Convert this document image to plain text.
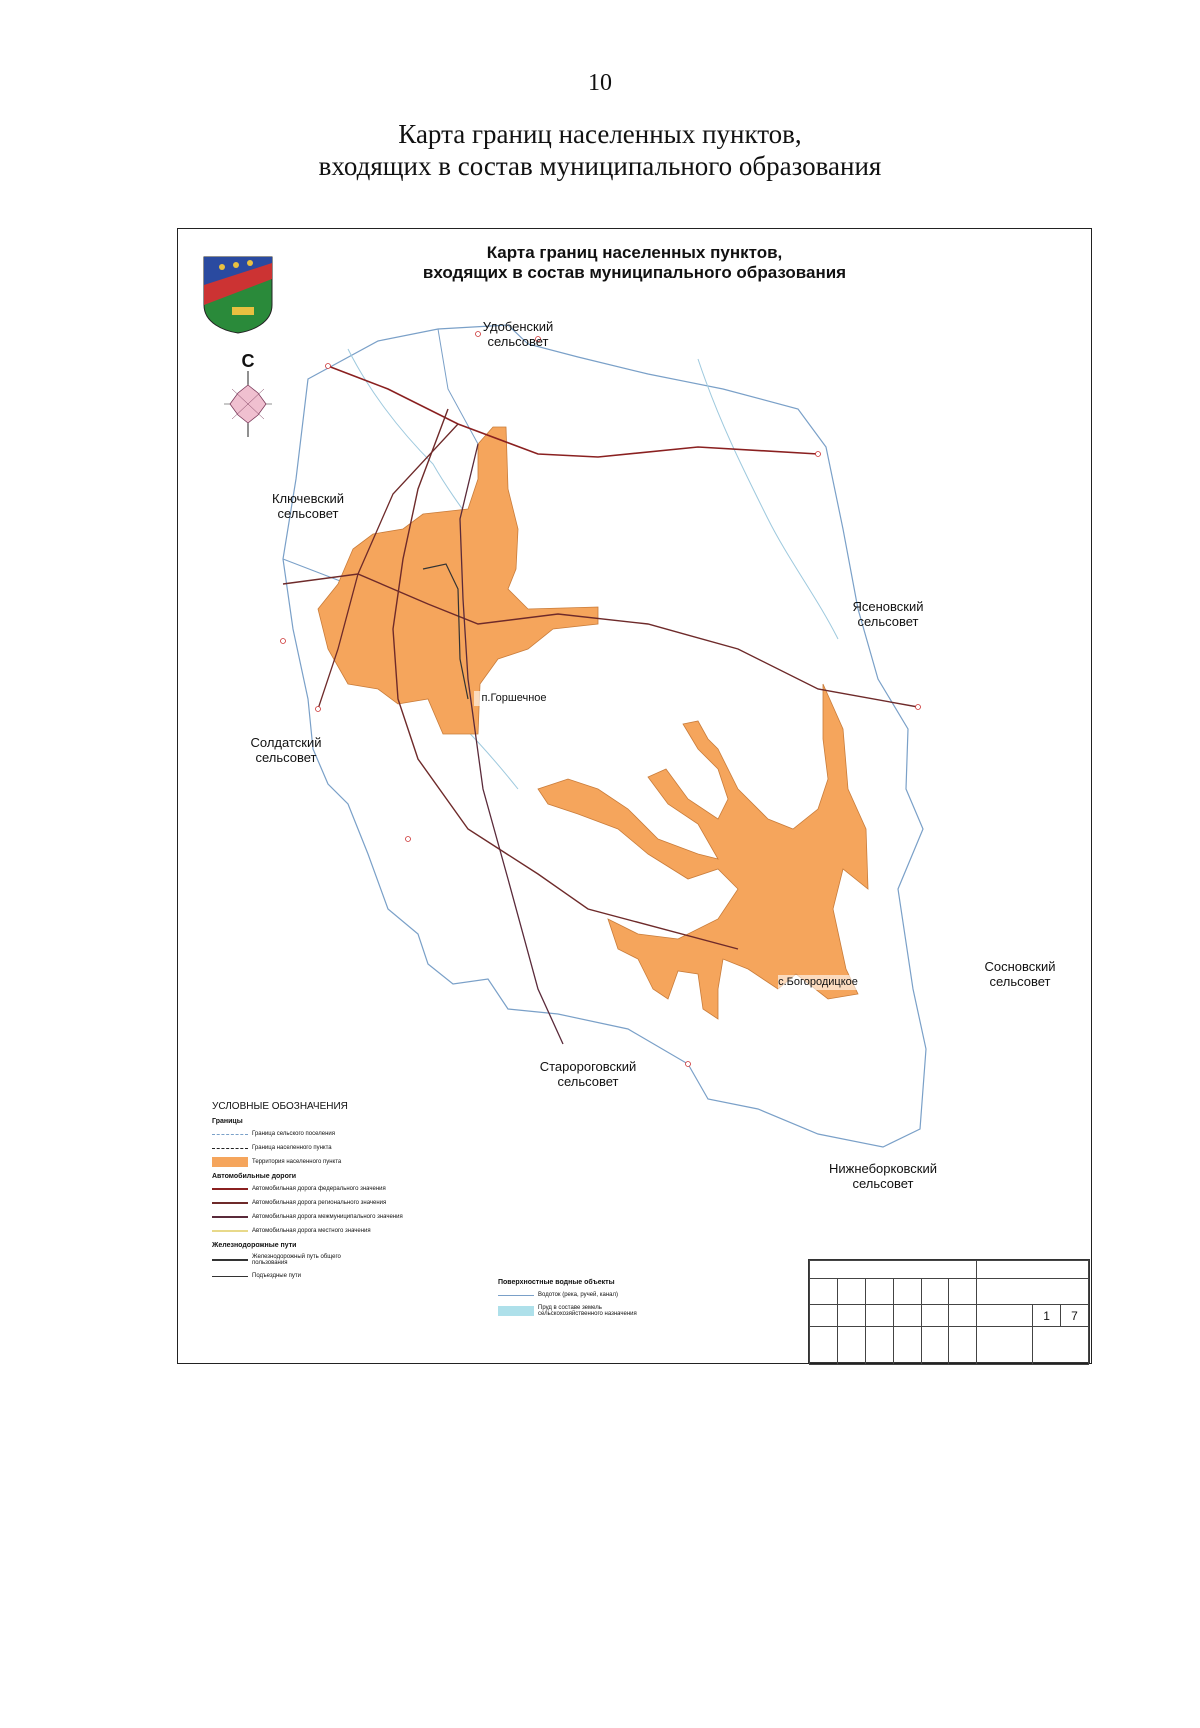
10
Карта границ населенных пунктов,
входящих в состав муниципального образования
Карта границ населенных пунктов,
входящих в состав муниципального образования
С
Удобенский
сельсовет
Ключевский
сельсовет
Ясеновский
сельсовет
Солдатский
сельсовет
Сосновский
сельсовет
Старороговский
сельсовет
Нижнеборковский
сельсовет
п.Горшечное
с.Богородицкое
УСЛОВНЫЕ ОБОЗНАЧЕНИЯ
Границы
Граница сельского поселения
Граница населенного пункта
Территория населенного пункта
Автомобильные дороги
Автомобильная дорога федерального значения
Автомобильная дорога регионального значения
Автомобильная дорога межмуниципального значения
Автомобильная дорога местного значения
Железнодорожные пути
Железнодорожный путь общего
пользования
Подъездные пути
Поверхностные водные объекты
Водоток (река, ручей, канал)
Пруд в составе земель
сельскохозяйственного назначения

								1	7
